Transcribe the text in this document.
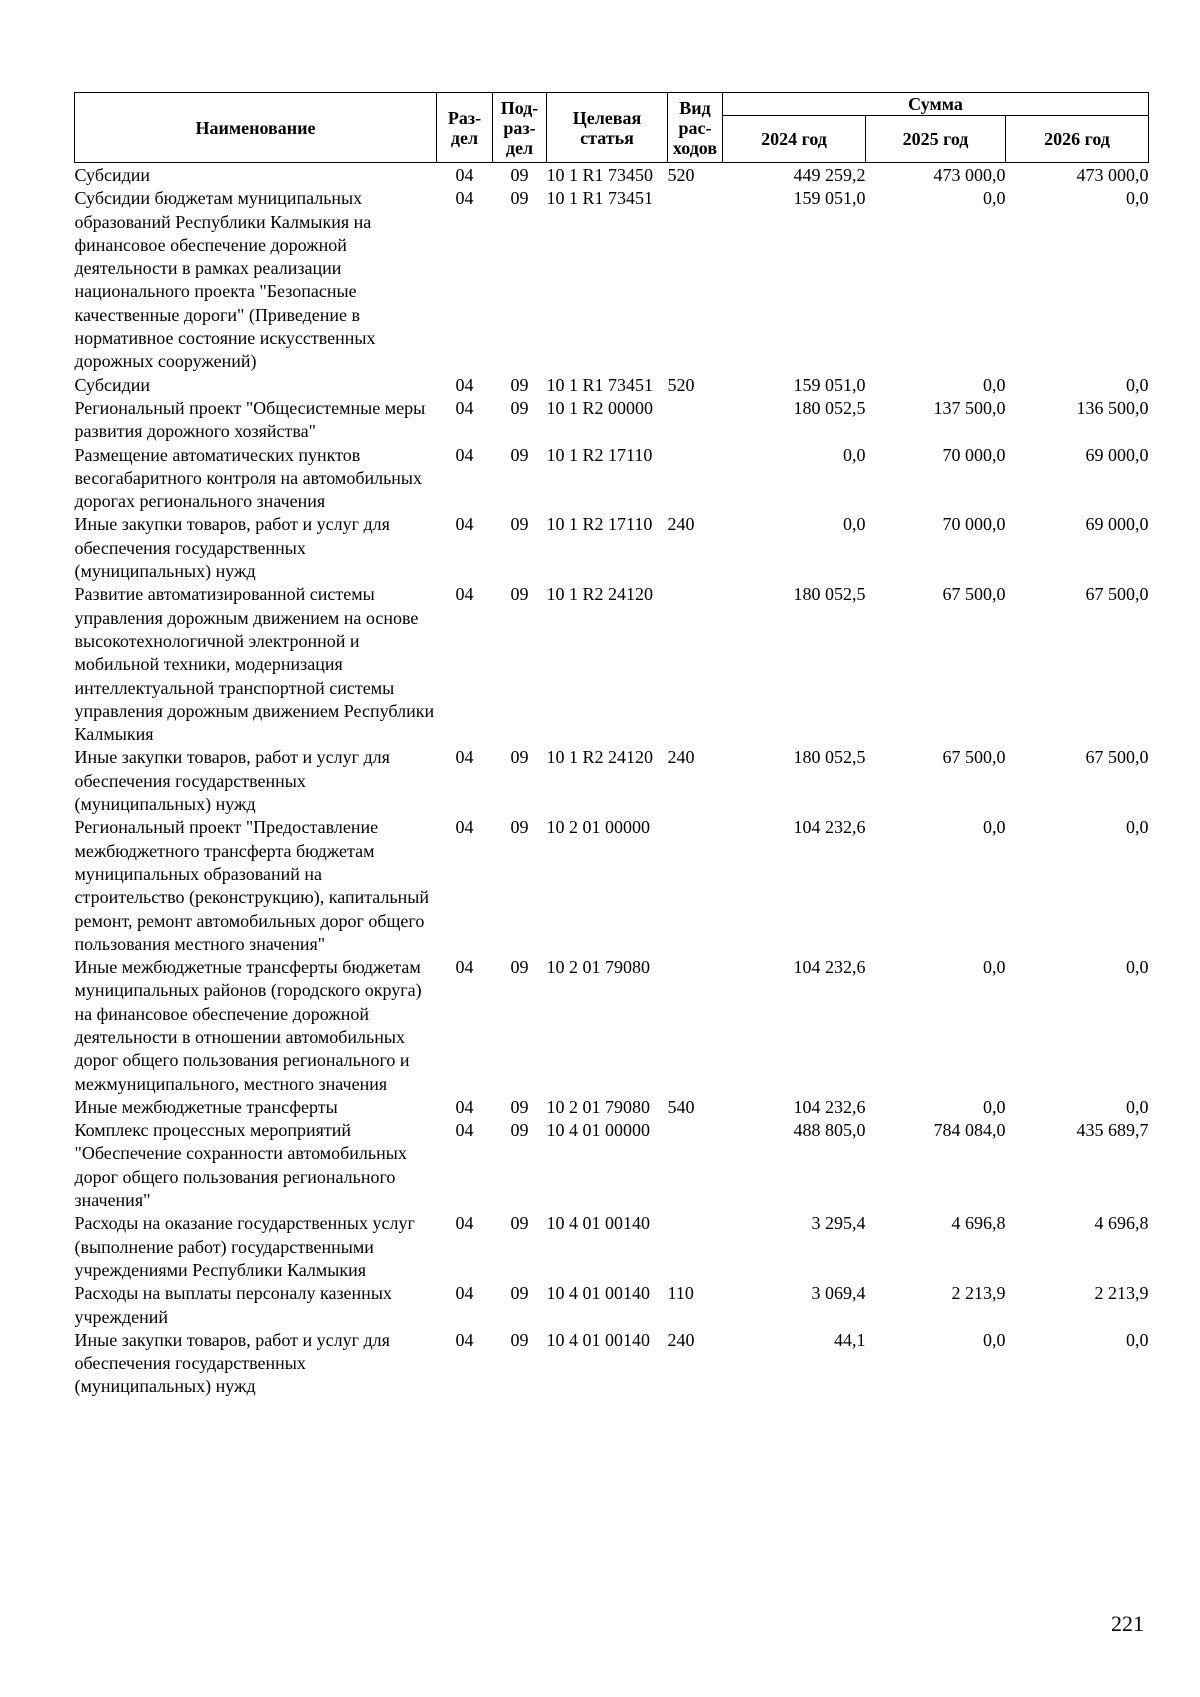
Наименование	Раз-дел	Под-раз-дел	Целевая статья	Вид рас-ходов	Сумма		
					2024 год	2025 год	2026 год
Субсидии	04	09	10 1 R1 73450	520	449 259,2	473 000,0	473 000,0
Субсидии бюджетам муниципальных образований Республики Калмыкия на финансовое обеспечение дорожной деятельности в рамках реализации национального проекта "Безопасные качественные дороги" (Приведение в нормативное состояние искусственных дорожных сооружений)	04	09	10 1 R1 73451		159 051,0	0,0	0,0
Субсидии	04	09	10 1 R1 73451	520	159 051,0	0,0	0,0
Региональный проект "Общесистемные меры развития дорожного хозяйства"	04	09	10 1 R2 00000		180 052,5	137 500,0	136 500,0
Размещение автоматических пунктов весогабаритного контроля на автомобильных дорогах регионального значения	04	09	10 1 R2 17110		0,0	70 000,0	69 000,0
Иные закупки товаров, работ и услуг для обеспечения государственных (муниципальных) нужд	04	09	10 1 R2 17110	240	0,0	70 000,0	69 000,0
Развитие автоматизированной системы управления дорожным движением на основе высокотехнологичной электронной и мобильной техники, модернизация интеллектуальной транспортной системы управления дорожным движением Республики Калмыкия	04	09	10 1 R2 24120		180 052,5	67 500,0	67 500,0
Иные закупки товаров, работ и услуг для обеспечения государственных (муниципальных) нужд	04	09	10 1 R2 24120	240	180 052,5	67 500,0	67 500,0
Региональный проект "Предоставление межбюджетного трансферта бюджетам муниципальных образований на строительство (реконструкцию), капитальный ремонт, ремонт автомобильных дорог общего пользования местного значения"	04	09	10 2 01 00000		104 232,6	0,0	0,0
Иные межбюджетные трансферты бюджетам муниципальных районов (городского округа) на финансовое обеспечение дорожной деятельности в отношении автомобильных дорог общего пользования регионального и межмуниципального, местного значения	04	09	10 2 01 79080		104 232,6	0,0	0,0
Иные межбюджетные трансферты	04	09	10 2 01 79080	540	104 232,6	0,0	0,0
Комплекс процессных мероприятий "Обеспечение сохранности автомобильных дорог общего пользования регионального значения"	04	09	10 4 01 00000		488 805,0	784 084,0	435 689,7
Расходы на оказание государственных услуг (выполнение работ) государственными учреждениями Республики Калмыкия	04	09	10 4 01 00140		3 295,4	4 696,8	4 696,8
Расходы на выплаты персоналу казенных учреждений	04	09	10 4 01 00140	110	3 069,4	2 213,9	2 213,9
Иные закупки товаров, работ и услуг для обеспечения государственных (муниципальных) нужд	04	09	10 4 01 00140	240	44,1	0,0	0,0
221
